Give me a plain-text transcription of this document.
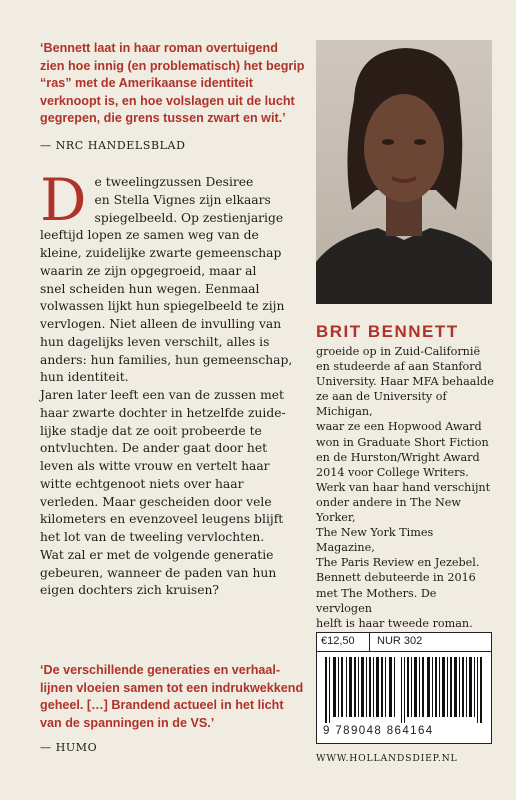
‘Bennett laat in haar roman overtuigend
zien hoe innig (en problematisch) het begrip
“ras” met de Amerikaanse identiteit
verknoopt is, en hoe volslagen uit de lucht
gegrepen, die grens tussen zwart en wit.’
— NRC HANDELSBLAD
De tweelingzussen Desiree
en Stella Vignes zijn elkaars
spiegelbeeld. Op zestienjarige
leeftijd lopen ze samen weg van de
kleine, zuidelijke zwarte gemeenschap
waarin ze zijn opgegroeid, maar al
snel scheiden hun wegen. Eenmaal
volwassen lijkt hun spiegelbeeld te zijn
vervlogen. Niet alleen de invulling van
hun dagelijks leven verschilt, alles is
anders: hun families, hun gemeenschap,
hun identiteit.
Jaren later leeft een van de zussen met
haar zwarte dochter in hetzelfde zuide-
lijke stadje dat ze ooit probeerde te
ontvluchten. De ander gaat door het
leven als witte vrouw en vertelt haar
witte echtgenoot niets over haar
verleden. Maar gescheiden door vele
kilometers en evenzoveel leugens blijft
het lot van de tweeling vervlochten.
Wat zal er met de volgende generatie
gebeuren, wanneer de paden van hun
eigen dochters zich kruisen?
‘De verschillende generaties en verhaal-
lijnen vloeien samen tot een indrukwekkend
geheel. […] Brandend actueel in het licht
van de spanningen in de VS.’
— HUMO
BRIT BENNETT
groeide op in Zuid-Californië
en studeerde af aan Stanford
University. Haar MFA behaalde
ze aan de University of Michigan,
waar ze een Hopwood Award
won in Graduate Short Fiction
en de Hurston/Wright Award
2014 voor College Writers.
Werk van haar hand verschijnt
onder andere in The New Yorker,
The New York Times Magazine,
The Paris Review en Jezebel.
Bennett debuteerde in 2016
met The Mothers. De vervlogen
helft is haar tweede roman.
€12,50 NUR 302
9 789048 864164
WWW.HOLLANDSDIEP.NL
